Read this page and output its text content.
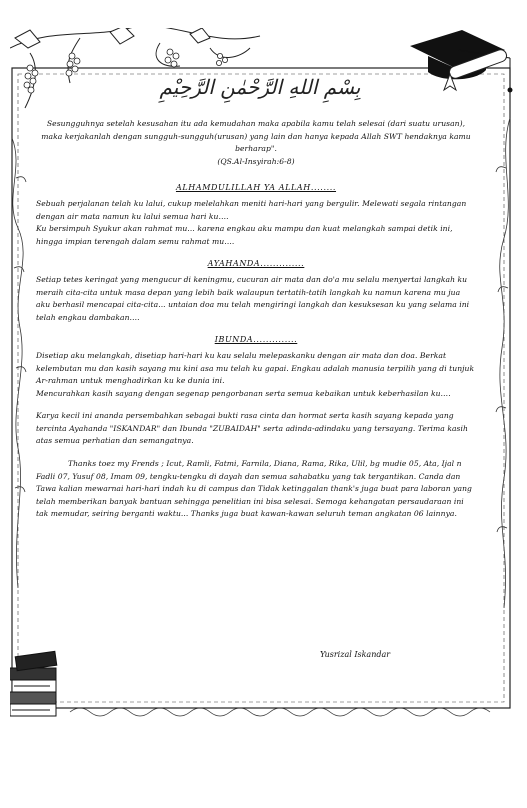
بِسْمِ اللهِ الرَّحْمٰنِ الرَّحِيْمِ

Sesungguhnya setelah kesusahan itu ada kemudahan maka apabila kamu telah selesai (dari suatu urusan), maka kerjakanlah dengan sungguh-sungguh(urusan) yang lain dan hanya kepada Allah SWT hendaknya kamu berharap".

(QS.Al-Insyirah:6-8)

ALHAMDULILLAH YA ALLAH........

Sebuah perjalanan telah ku lalui, cukup melelahkan meniti hari-hari yang bergulir. Melewati segala rintangan dengan air mata namun ku lalui semua hari ku….

Ku bersimpuh Syukur akan rahmat mu… karena engkau aku mampu dan kuat melangkah sampai detik ini, hingga impian terengah dalam semu rahmat mu….

AYAHANDA..............

Setiap tetes keringat yang mengucur di keningmu, cucuran air mata dan do'a mu selalu menyertai langkah ku meraih cita-cita untuk masa depan yang lebih baik walaupun tertatih-tatih langkah ku namun karena mu jua aku berhasil mencapai cita-cita... untaian doa mu telah mengiringi langkah dan kesuksesan ku yang selama ini telah engkau dambakan….

IBUNDA..............

Disetiap aku melangkah, disetiap hari-hari ku kau selalu melepaskanku dengan air mata dan doa. Berkat kelembutan mu dan kasih sayang mu kini asa mu telah ku gapai. Engkau adalah manusia terpilih yang di tunjuk Ar-rahman untuk menghadirkan ku ke dunia ini.

Mencurahkan kasih sayang dengan segenap pengorbanan serta semua kebaikan untuk keberhasilan ku….

Karya kecil ini ananda persembahkan sebagai bukti rasa cinta dan hormat serta kasih sayang kepada yang tercinta Ayahanda "ISKANDAR" dan Ibunda "ZUBAIDAH" serta adinda-adindaku yang tersayang. Terima kasih atas semua perhatian dan semangatnya.

Thanks toez my Frends ; Icut, Ramli, Fatmi, Farnila, Diana, Rama, Rika, Ulil, bg mudie 05, Ata, Ijal n Fadli 07, Yusuf 08, Imam 09, tengku-tengku di dayah dan semua sahabatku yang tak tergantikan. Canda dan Tawa kalian mewarnai hari-hari indah ku di campus dan Tidak ketinggalan thank's juga buat para laboran yang telah memberikan banyak bantuan sehingga penelitian ini bisa selesai. Semoga kehangatan persaudaraan ini tak memudar, seiring berganti waktu... Thanks juga buat kawan-kawan seluruh teman angkatan 06 lainnya.

Yusrizal Iskandar
